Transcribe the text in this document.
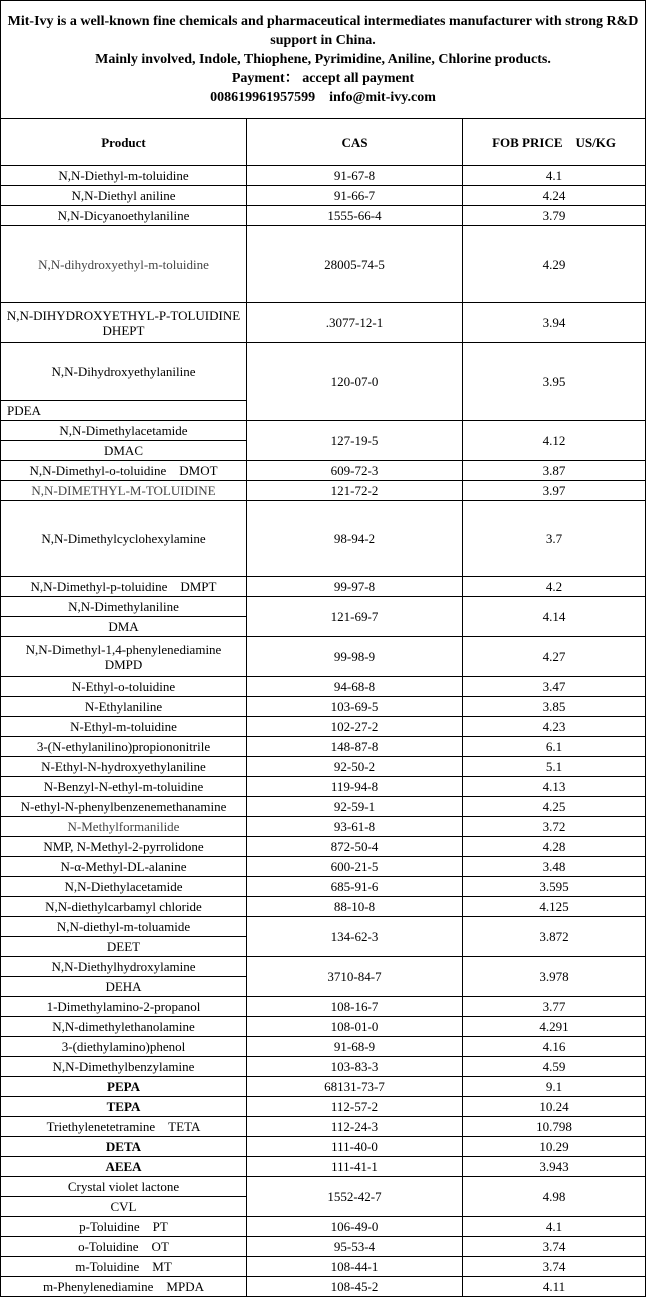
Mit-Ivy is a well-known fine chemicals and pharmaceutical intermediates manufacturer with strong R&D support in China.
Mainly involved, Indole, Thiophene, Pyrimidine, Aniline, Chlorine products.
Payment： accept all payment
008619961957599　info@mit-ivy.com		

Product	CAS	FOB PRICE　US/KG
N,N-Diethyl-m-toluidine	91-67-8	4.1
N,N-Diethyl aniline	91-66-7	4.24
N,N-Dicyanoethylaniline	1555-66-4	3.79
N,N-dihydroxyethyl-m-toluidine	28005-74-5	4.29
N,N-DIHYDROXYETHYL-P-TOLUIDINE　DHEPT	.3077-12-1	3.94
N,N-Dihydroxyethylaniline	120-07-0	3.95
PDEA		
N,N-Dimethylacetamide	127-19-5	4.12
DMAC		
N,N-Dimethyl-o-toluidine　DMOT	609-72-3	3.87
N,N-DIMETHYL-M-TOLUIDINE	121-72-2	3.97
N,N-Dimethylcyclohexylamine	98-94-2	3.7
N,N-Dimethyl-p-toluidine　DMPT	99-97-8	4.2
N,N-Dimethylaniline	121-69-7	4.14
DMA		

N,N-Dimethyl-1,4-phenylenediamine
DMPD	99-98-9	4.27
N-Ethyl-o-toluidine	94-68-8	3.47
N-Ethylaniline	103-69-5	3.85
N-Ethyl-m-toluidine	102-27-2	4.23
3-(N-ethylanilino)propiononitrile	148-87-8	6.1
N-Ethyl-N-hydroxyethylaniline	92-50-2	5.1
N-Benzyl-N-ethyl-m-toluidine	119-94-8	4.13
N-ethyl-N-phenylbenzenemethanamine	92-59-1	4.25
N-Methylformanilide	93-61-8	3.72
NMP, N-Methyl-2-pyrrolidone	872-50-4	4.28
N-α-Methyl-DL-alanine	600-21-5	3.48
N,N-Diethylacetamide	685-91-6	3.595
N,N-diethylcarbamyl chloride	88-10-8	4.125
N,N-diethyl-m-toluamide	134-62-3	3.872
DEET		
N,N-Diethylhydroxylamine	3710-84-7	3.978
DEHA		
1-Dimethylamino-2-propanol	108-16-7	3.77
N,N-dimethylethanolamine	108-01-0	4.291
3-(diethylamino)phenol	91-68-9	4.16
N,N-Dimethylbenzylamine	103-83-3	4.59
PEPA	68131-73-7	9.1
TEPA	112-57-2	10.24
Triethylenetetramine　TETA	112-24-3	10.798
DETA	111-40-0	10.29
AEEA	111-41-1	3.943
Crystal violet lactone	1552-42-7	4.98
CVL		
p-Toluidine　PT	106-49-0	4.1
o-Toluidine　OT	95-53-4	3.74
m-Toluidine　MT	108-44-1	3.74
m-Phenylenediamine　MPDA	108-45-2	4.11
